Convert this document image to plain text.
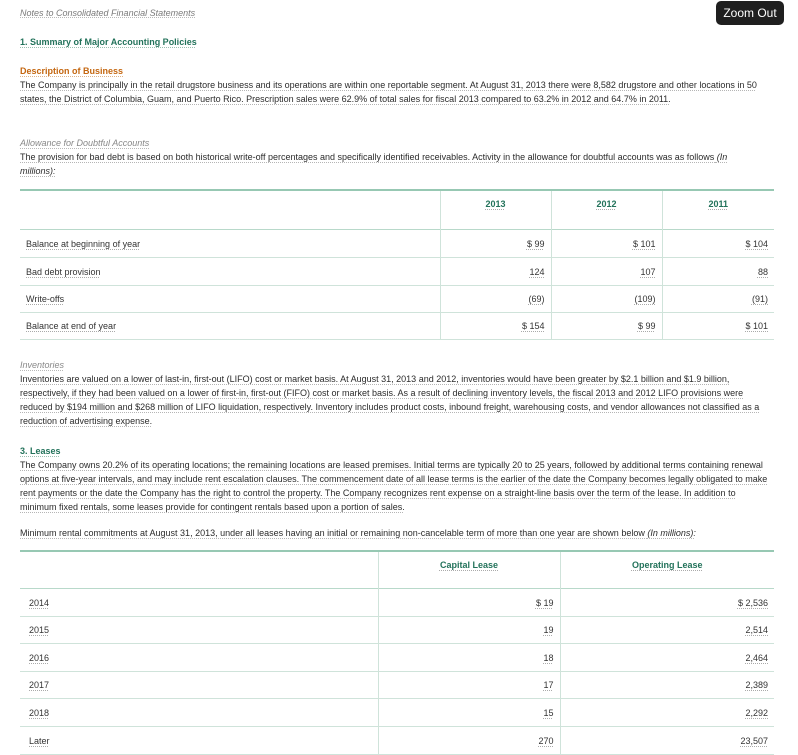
Notes to Consolidated Financial Statements	Zoom Out
1. Summary of Major Accounting Policies
Description of Business

The Company is principally in the retail drugstore business and its operations are within one reportable segment. At August 31, 2013 there were 8,582 drugstore and other locations in 50 states, the District of Columbia, Guam, and Puerto Rico. Prescription sales were 62.9% of total sales for fiscal 2013 compared to 63.2% in 2012 and 64.7% in 2011.

Allowance for Doubtful Accounts

The provision for bad debt is based on both historical write-off percentages and specifically identified receivables. Activity in the allowance for doubtful accounts was as follows (In millions):

	2013	2012	2011
Balance at beginning of year	$ 99	$ 101	$ 104
Bad debt provision	124	107	88
Write-offs	(69)	(109)	(91)
Balance at end of year	$ 154	$ 99	$ 101
Inventories

Inventories are valued on a lower of last-in, first-out (LIFO) cost or market basis. At August 31, 2013 and 2012, inventories would have been greater by $2.1 billion and $1.9 billion, respectively, if they had been valued on a lower of first-in, first-out (FIFO) cost or market basis. As a result of declining inventory levels, the fiscal 2013 and 2012 LIFO provisions were reduced by $194 million and $268 million of LIFO liquidation, respectively. Inventory includes product costs, inbound freight, warehousing costs, and vendor allowances not classified as a reduction of advertising expense.

3. Leases

The Company owns 20.2% of its operating locations; the remaining locations are leased premises. Initial terms are typically 20 to 25 years, followed by additional terms containing renewal options at five-year intervals, and may include rent escalation clauses. The commencement date of all lease terms is the earlier of the date the Company becomes legally obligated to make rent payments or the date the Company has the right to control the property. The Company recognizes rent expense on a straight-line basis over the term of the lease. In addition to minimum fixed rentals, some leases provide for contingent rentals based upon a portion of sales.

Minimum rental commitments at August 31, 2013, under all leases having an initial or remaining non-cancelable term of more than one year are shown below (In millions):

	Capital Lease	Operating Lease
2014	$ 19	$ 2,536
2015	19	2,514
2016	18	2,464
2017	17	2,389
2018	15	2,292
Later	270	23,507
